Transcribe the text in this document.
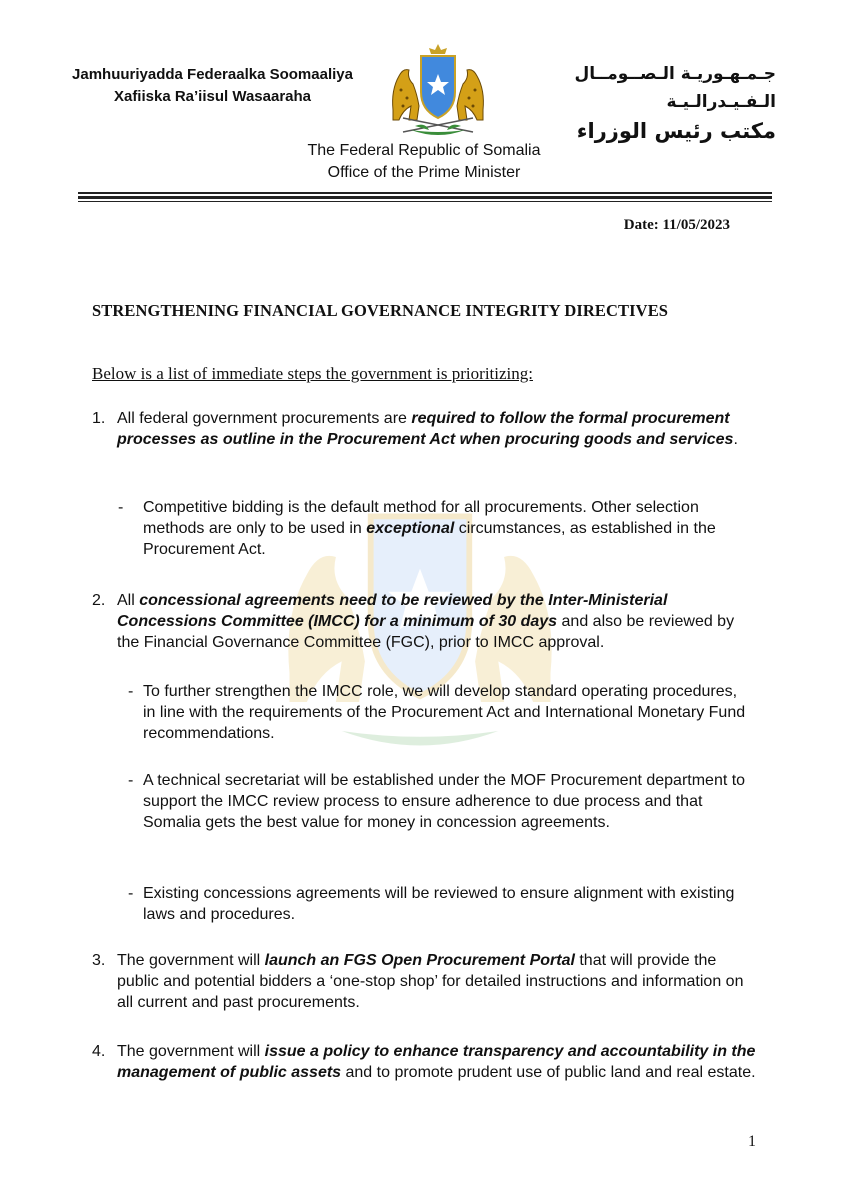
Jamhuuriyadda Federaalka Soomaaliya
Xafiiska Ra’iisul Wasaaraha
جـمـهـوريـة الـصــومــال الـفـيـدرالـيـة
مكتب رئيس الوزراء
The Federal Republic of Somalia
Office of the Prime Minister
Date: 11/05/2023
STRENGTHENING FINANCIAL GOVERNANCE INTEGRITY DIRECTIVES
Below is a list of immediate steps the government is prioritizing:
1. All federal government procurements are required to follow the formal procurement processes as outline in the Procurement Act when procuring goods and services.
- Competitive bidding is the default method for all procurements. Other selection methods are only to be used in exceptional circumstances, as established in the Procurement Act.
2. All concessional agreements need to be reviewed by the Inter-Ministerial Concessions Committee (IMCC) for a minimum of 30 days and also be reviewed by the Financial Governance Committee (FGC), prior to IMCC approval.
- To further strengthen the IMCC role, we will develop standard operating procedures, in line with the requirements of the Procurement Act and International Monetary Fund recommendations.
- A technical secretariat will be established under the MOF Procurement department to support the IMCC review process to ensure adherence to due process and that Somalia gets the best value for money in concession agreements.
- Existing concessions agreements will be reviewed to ensure alignment with existing laws and procedures.
3. The government will launch an FGS Open Procurement Portal that will provide the public and potential bidders a ‘one-stop shop’ for detailed instructions and information on all current and past procurements.
4. The government will issue a policy to enhance transparency and accountability in the management of public assets and to promote prudent use of public land and real estate.
1
